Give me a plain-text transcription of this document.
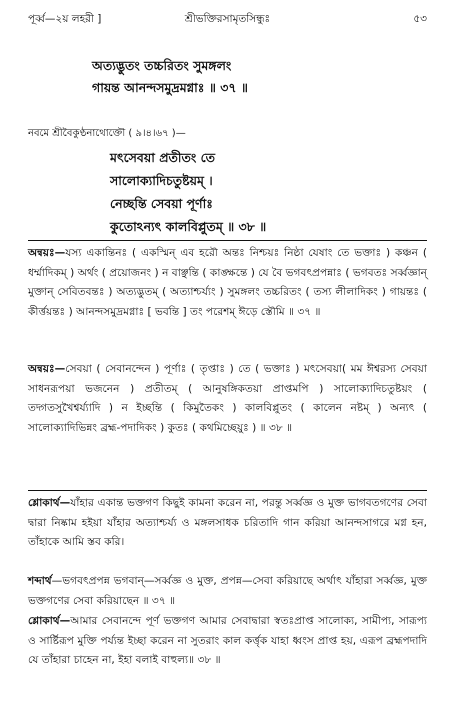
পূর্ব্ব—২য় লহরী ]	শ্রীভক্তিরসামৃতসিন্ধুঃ	৫৩
অত্যদ্ভুতং তচ্চরিতং সুমঙ্গলং
গায়ন্ত আনন্দসমুদ্রমগ্নাঃ ॥ ৩৭ ॥
নবমে শ্রীবৈকুণ্ঠনাথোক্তৌ ( ৯।৪।৬৭ )—
মৎসেবয়া প্রতীতং তে
সালোক্যাদিচতুষ্টয়ম্ ।
নেচ্ছন্তি সেবয়া পূর্ণাঃ
কুতোঽন্যৎ কালবিপ্লুতম্ ॥ ৩৮ ॥

অন্বয়ঃ—যস্য একান্তিনঃ ( একস্মিন্ এব হরৌ অন্তঃ নিশ্চয়ঃ নিষ্ঠা যেষাং তে ভক্তাঃ ) কঞ্চন ( ধর্ম্মাদিকম্ ) অর্থং ( প্রয়োজনং ) ন বাঞ্ছন্তি ( কাঙ্ক্ষন্তে ) যে বৈ ভগবৎপ্রপন্নাঃ ( ভগবতঃ সর্ব্বজ্ঞান্ মুক্তান্ সেবিতবন্তঃ ) অত্যদ্ভুতম্ ( অত্যাশ্চর্য্যং ) সুমঙ্গলং তচ্চরিতং ( তস্য লীলাদিকং ) গায়ন্তঃ ( কীর্ত্তয়ন্তঃ ) আনন্দসমুদ্রমগ্নাঃ [ ভবন্তি ] তং পরেশম্ ঈড়ে স্তৌমি ॥ ৩৭ ॥

অন্বয়ঃ—সেবয়া ( সেবানন্দেন ) পূর্ণাঃ ( তৃপ্তাঃ ) তে ( ভক্তাঃ ) মৎসেবয়া( মম ঈশ্বরস্য সেবয়া সাধনরূপয়া ভজনেন ) প্রতীতম্ ( আনুষঙ্গিকতয়া প্রাপ্তমপি ) সালোক্যাদিচতুষ্টয়ং ( তদ্গতসুখৈশ্বর্য্যাদি ) ন ইচ্ছন্তি ( কিমুতৈকং ) কালবিপ্লুতং ( কালেন নষ্টম্ ) অন্যৎ ( সালোক্যাদিভিন্নং ব্রহ্ম-পদাদিকং ) কুতঃ ( কথমিচ্ছেয়ুঃ ) ॥ ৩৮ ॥

শ্লোকার্থ—যাঁহার একান্ত ভক্তগণ কিছুই কামনা করেন না, পরন্তু সর্ব্বজ্ঞ ও মুক্ত ভাগবতগণের সেবা দ্বারা নিষ্কাম হইয়া যাঁহার অত্যাশ্চর্য্য ও মঙ্গলসাধক চরিতাদি গান করিয়া আনন্দসাগরে মগ্ন হন, তাঁহাকে আমি স্তব করি।

শব্দার্থ—ভগবৎপ্রপন্ন ভগবান্—সর্ব্বজ্ঞ ও মুক্ত, প্রপন্ন—সেবা করিয়াছে অর্থাৎ যাঁহারা সর্ব্বজ্ঞ, মুক্ত ভক্তগণের সেবা করিয়াছেন ॥ ৩৭ ॥

শ্লোকার্থ—আমার সেবানন্দে পূর্ণ ভক্তগণ আমার সেবাদ্বারা স্বতঃপ্রাপ্ত সালোক্য, সামীপ্য, সারূপ্য ও সার্ষ্টিরূপ মুক্তি পর্য্যন্ত ইচ্ছা করেন না সুতরাং কাল কর্ত্তৃক যাহা ধ্বংস প্রাপ্ত হয়, এরূপ ব্রহ্মপদাদি যে তাঁহারা চাহেন না, ইহা বলাই বাহুল্য॥ ৩৮ ॥
